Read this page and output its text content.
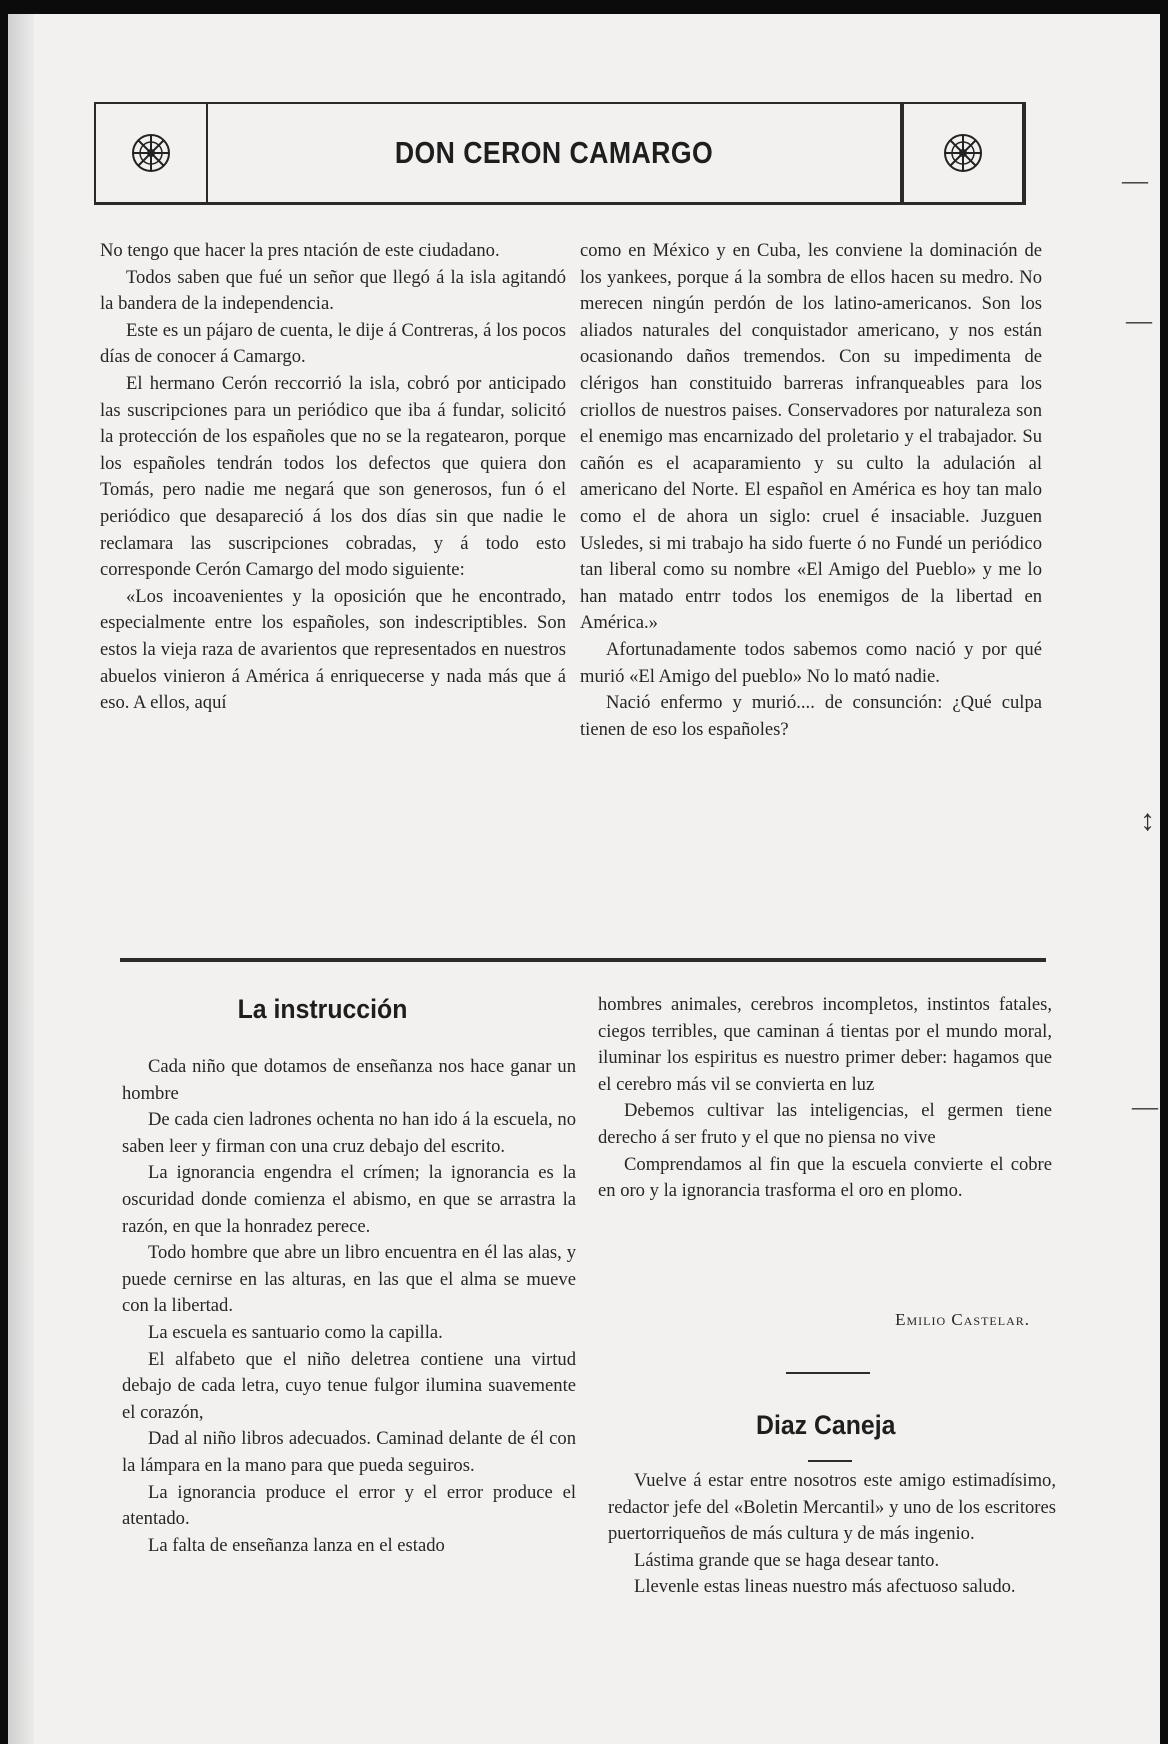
DON CERON CAMARGO

No tengo que hacer la pres ntación de este ciudadano.

Todos saben que fué un señor que llegó á la isla agitandó la bandera de la independencia.

Este es un pájaro de cuenta, le dije á Contreras, á los pocos días de conocer á Camargo.

El hermano Cerón reccorrió la isla, cobró por anticipado las suscripciones para un periódico que iba á fundar, solicitó la protección de los españoles que no se la regatearon, porque los españoles tendrán todos los defectos que quiera don Tomás, pero nadie me negará que son generosos, fun ó el periódico que desapareció á los dos días sin que nadie le reclamara las suscripciones cobradas, y á todo esto corresponde Cerón Camargo del modo siguiente:

«Los incoavenientes y la oposición que he encontrado, especialmente entre los españoles, son indescriptibles. Son estos la vieja raza de avarientos que representados en nuestros abuelos vinieron á América á enriquecerse y nada más que á eso. A ellos, aquí

como en México y en Cuba, les conviene la dominación de los yankees, porque á la sombra de ellos hacen su medro. No merecen ningún perdón de los latino-americanos. Son los aliados naturales del conquistador americano, y nos están ocasionando daños tremendos. Con su impedimenta de clérigos han constituido barreras infranqueables para los criollos de nuestros paises. Conservadores por naturaleza son el enemigo mas encarnizado del proletario y el trabajador. Su cañón es el acaparamiento y su culto la adulación al americano del Norte. El español en América es hoy tan malo como el de ahora un siglo: cruel é insaciable. Juzguen Usledes, si mi trabajo ha sido fuerte ó no Fundé un periódico tan liberal como su nombre «El Amigo del Pueblo» y me lo han matado entrr todos los enemigos de la libertad en América.»

Afortunadamente todos sabemos como nació y por qué murió «El Amigo del pueblo» No lo mató nadie.

Nació enfermo y murió.... de consunción: ¿Qué culpa tienen de eso los españoles?

La instrucción

Cada niño que dotamos de enseñanza nos hace ganar un hombre

De cada cien ladrones ochenta no han ido á la escuela, no saben leer y firman con una cruz debajo del escrito.

La ignorancia engendra el crímen; la ignorancia es la oscuridad donde comienza el abismo, en que se arrastra la razón, en que la honradez perece.

Todo hombre que abre un libro encuentra en él las alas, y puede cernirse en las alturas, en las que el alma se mueve con la libertad.

La escuela es santuario como la capilla.

El alfabeto que el niño deletrea contiene una virtud debajo de cada letra, cuyo tenue fulgor ilumina suavemente el corazón,

Dad al niño libros adecuados. Caminad delante de él con la lámpara en la mano para que pueda seguiros.

La ignorancia produce el error y el error produce el atentado.

La falta de enseñanza lanza en el estado

hombres animales, cerebros incompletos, instintos fatales, ciegos terribles, que caminan á tientas por el mundo moral, iluminar los espiritus es nuestro primer deber: hagamos que el cerebro más vil se convierta en luz

Debemos cultivar las inteligencias, el germen tiene derecho á ser fruto y el que no piensa no vive

Comprendamos al fin que la escuela convierte el cobre en oro y la ignorancia trasforma el oro en plomo.

Emilio Castelar.
Diaz Caneja

Vuelve á estar entre nosotros este amigo estimadísimo, redactor jefe del «Boletin Mercantil» y uno de los escritores puertorriqueños de más cultura y de más ingenio.

Lástima grande que se haga desear tanto.

Llevenle estas lineas nuestro más afectuoso saludo.

—
—
↕
—
